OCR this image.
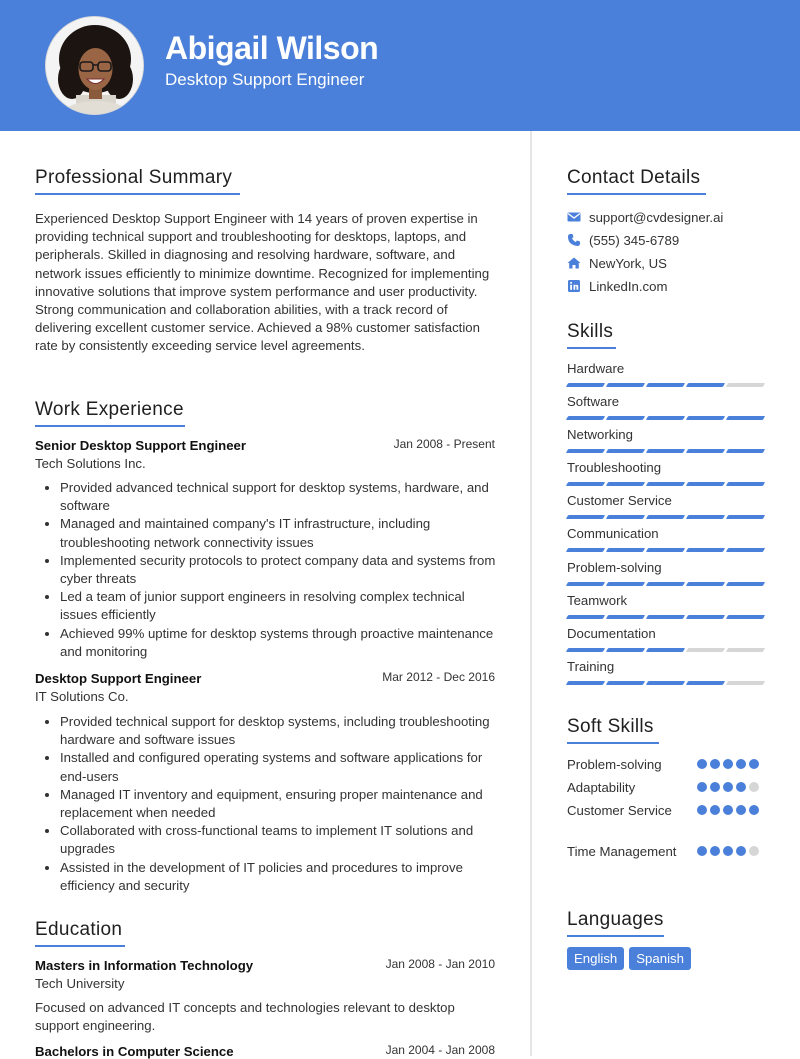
Abigail Wilson
Desktop Support Engineer
Professional Summary
Experienced Desktop Support Engineer with 14 years of proven expertise in providing technical support and troubleshooting for desktops, laptops, and peripherals. Skilled in diagnosing and resolving hardware, software, and network issues efficiently to minimize downtime. Recognized for implementing innovative solutions that improve system performance and user productivity. Strong communication and collaboration abilities, with a track record of delivering excellent customer service. Achieved a 98% customer satisfaction rate by consistently exceeding service level agreements.
Work Experience
Senior Desktop Support Engineer	Jan 2008 - Present
Tech Solutions Inc.
• Provided advanced technical support for desktop systems, hardware, and software
• Managed and maintained company's IT infrastructure, including troubleshooting network connectivity issues
• Implemented security protocols to protect company data and systems from cyber threats
• Led a team of junior support engineers in resolving complex technical issues efficiently
• Achieved 99% uptime for desktop systems through proactive maintenance and monitoring
Desktop Support Engineer	Mar 2012 - Dec 2016
IT Solutions Co.
• Provided technical support for desktop systems, including troubleshooting hardware and software issues
• Installed and configured operating systems and software applications for end-users
• Managed IT inventory and equipment, ensuring proper maintenance and replacement when needed
• Collaborated with cross-functional teams to implement IT solutions and upgrades
• Assisted in the development of IT policies and procedures to improve efficiency and security
Education
Masters in Information Technology	Jan 2008 - Jan 2010
Tech University
Focused on advanced IT concepts and technologies relevant to desktop support engineering.
Bachelors in Computer Science	Jan 2004 - Jan 2008
Contact Details
support@cvdesigner.ai
(555) 345-6789
NewYork, US
LinkedIn.com
Skills
Hardware
Software
Networking
Troubleshooting
Customer Service
Communication
Problem-solving
Teamwork
Documentation
Training
Soft Skills
Problem-solving
Adaptability
Customer Service
Time Management
Languages
English	Spanish
